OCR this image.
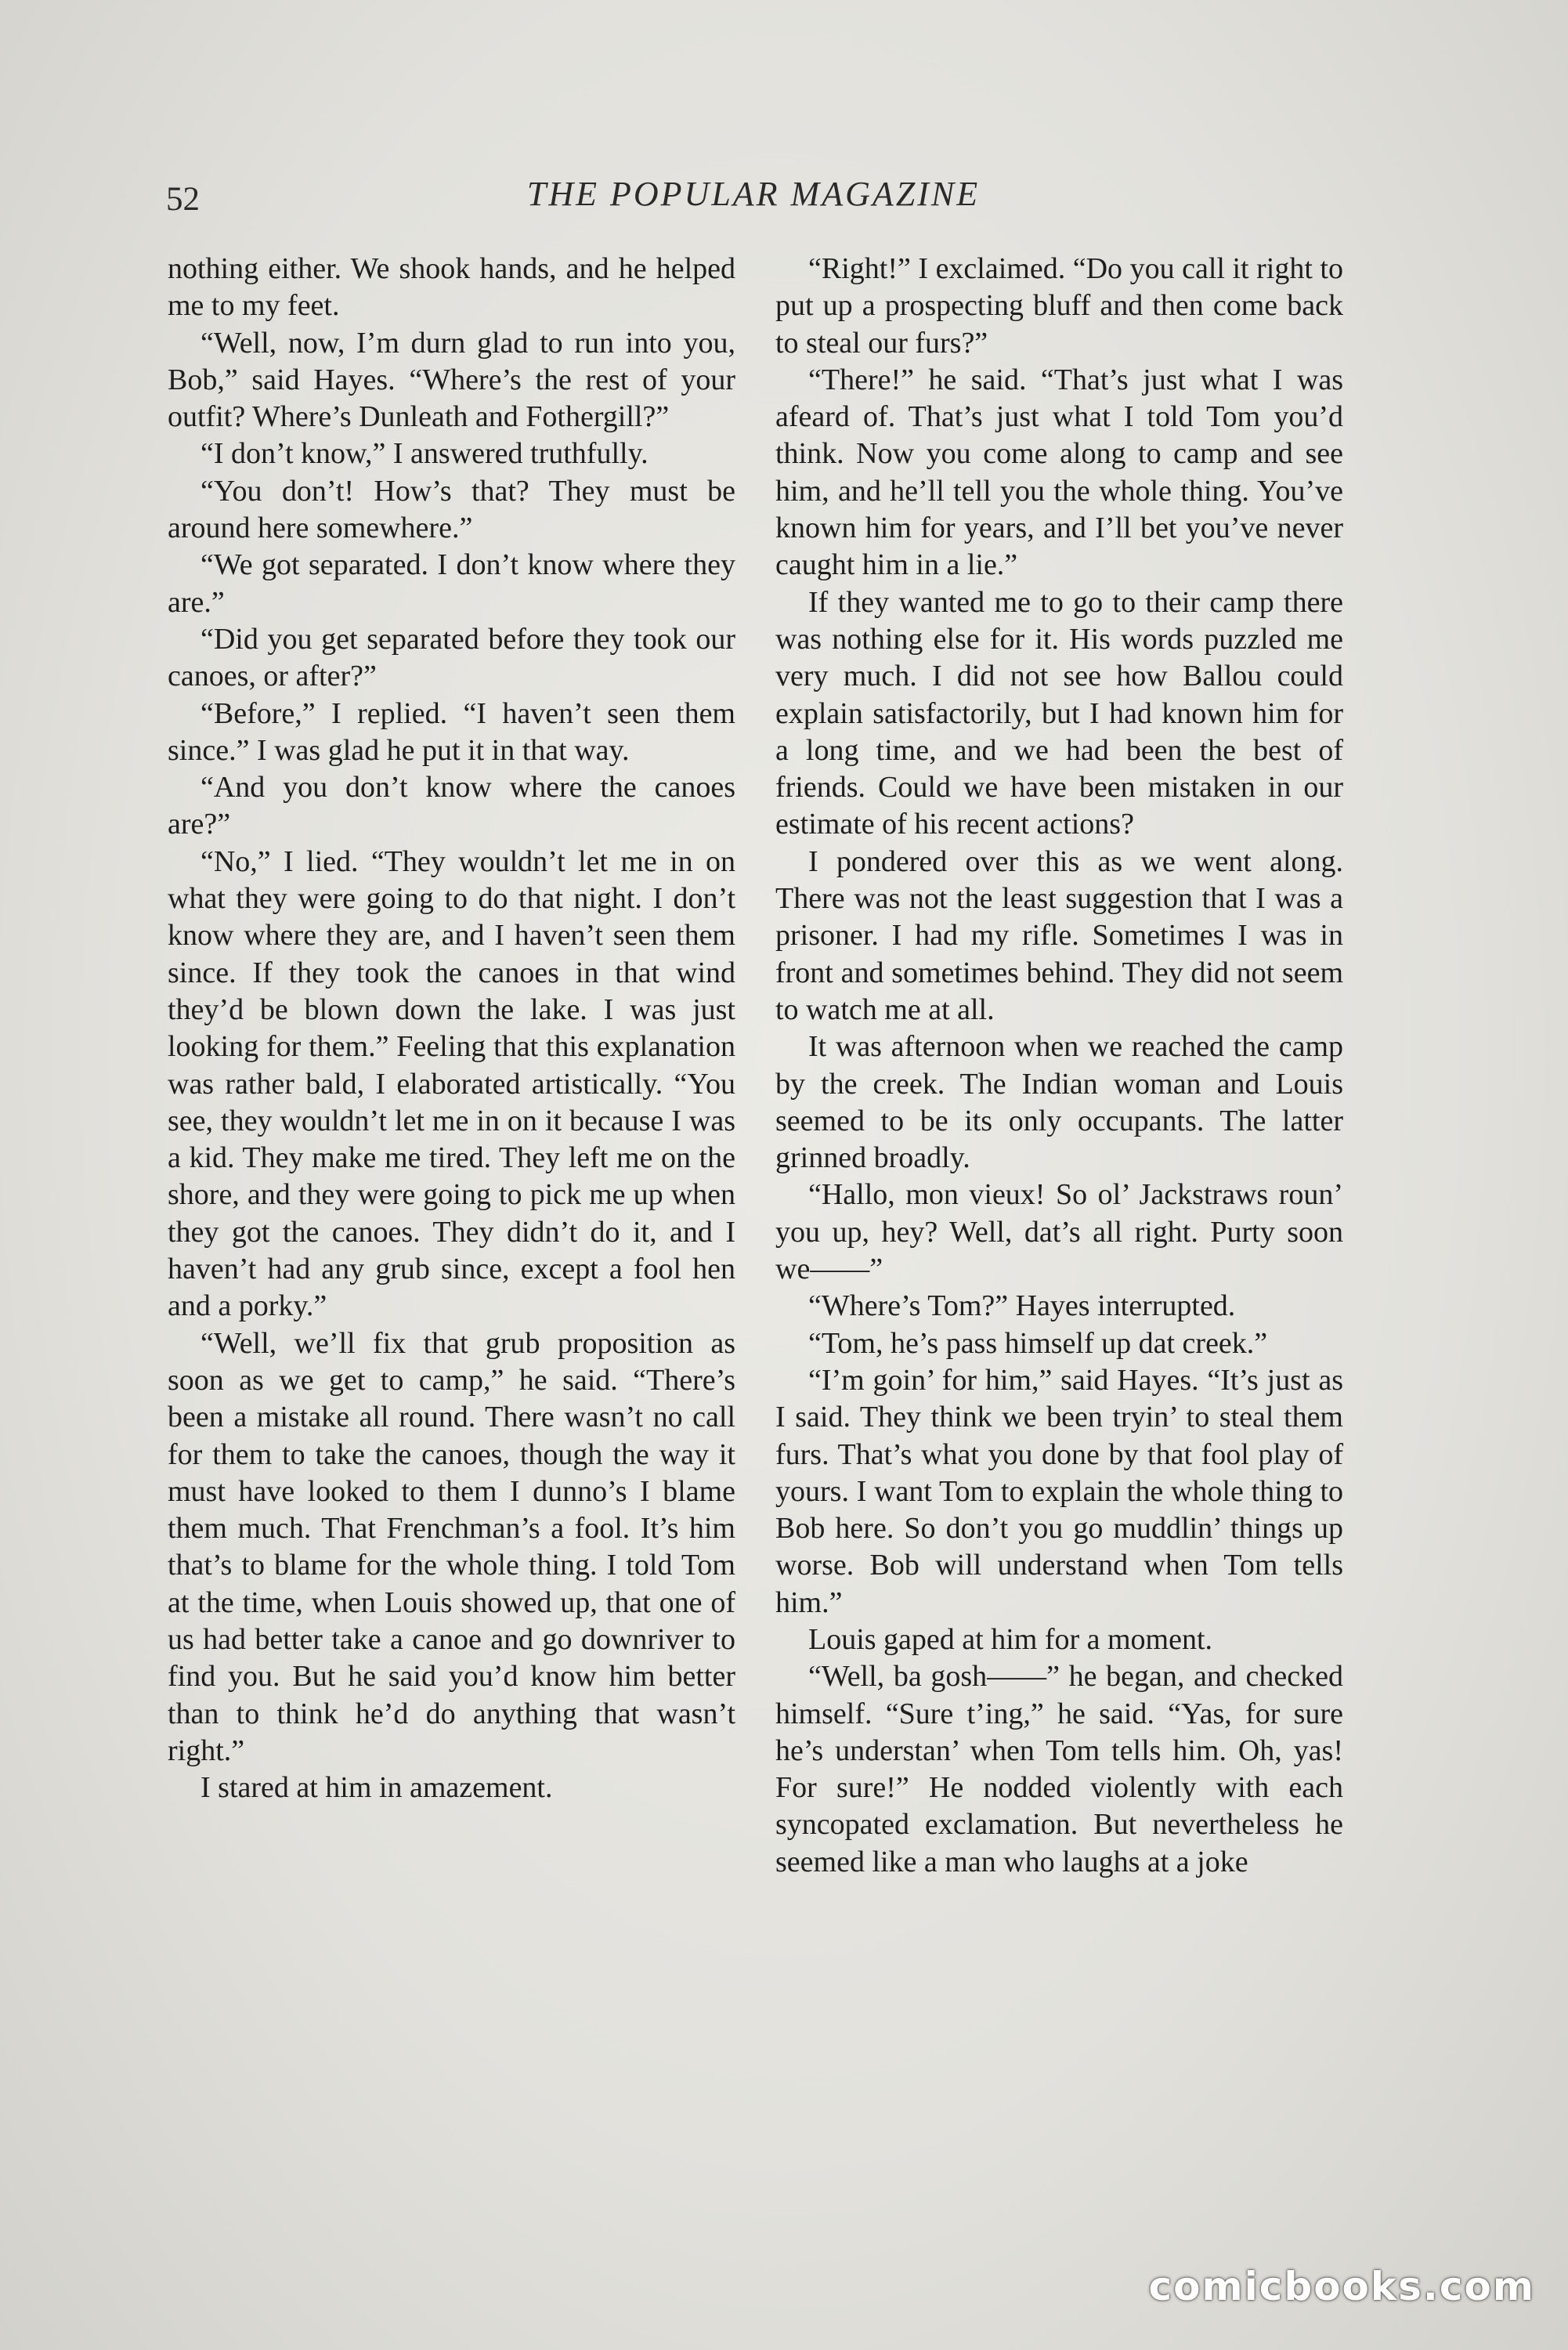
52	THE POPULAR MAGAZINE

nothing either. We shook hands, and he helped me to my feet.

“Well, now, I’m durn glad to run into you, Bob,” said Hayes. “Where’s the rest of your outfit? Where’s Dunleath and Fothergill?”

“I don’t know,” I answered truthfully.

“You don’t! How’s that? They must be around here somewhere.”

“We got separated. I don’t know where they are.”

“Did you get separated before they took our canoes, or after?”

“Before,” I replied. “I haven’t seen them since.” I was glad he put it in that way.

“And you don’t know where the canoes are?”

“No,” I lied. “They wouldn’t let me in on what they were going to do that night. I don’t know where they are, and I haven’t seen them since. If they took the canoes in that wind they’d be blown down the lake. I was just looking for them.” Feeling that this explanation was rather bald, I elaborated artistically. “You see, they wouldn’t let me in on it because I was a kid. They make me tired. They left me on the shore, and they were going to pick me up when they got the canoes. They didn’t do it, and I haven’t had any grub since, except a fool hen and a porky.”

“Well, we’ll fix that grub proposition as soon as we get to camp,” he said. “There’s been a mistake all round. There wasn’t no call for them to take the canoes, though the way it must have looked to them I dunno’s I blame them much. That Frenchman’s a fool. It’s him that’s to blame for the whole thing. I told Tom at the time, when Louis showed up, that one of us had better take a canoe and go downriver to find you. But he said you’d know him better than to think he’d do anything that wasn’t right.”

I stared at him in amazement.

“Right!” I exclaimed. “Do you call it right to put up a prospecting bluff and then come back to steal our furs?”

“There!” he said. “That’s just what I was afeard of. That’s just what I told Tom you’d think. Now you come along to camp and see him, and he’ll tell you the whole thing. You’ve known him for years, and I’ll bet you’ve never caught him in a lie.”

If they wanted me to go to their camp there was nothing else for it. His words puzzled me very much. I did not see how Ballou could explain satisfactorily, but I had known him for a long time, and we had been the best of friends. Could we have been mistaken in our estimate of his recent actions?

I pondered over this as we went along. There was not the least suggestion that I was a prisoner. I had my rifle. Sometimes I was in front and sometimes behind. They did not seem to watch me at all.

It was afternoon when we reached the camp by the creek. The Indian woman and Louis seemed to be its only occupants. The latter grinned broadly.

“Hallo, mon vieux! So ol’ Jackstraws roun’ you up, hey? Well, dat’s all right. Purty soon we——”

“Where’s Tom?” Hayes interrupted.

“Tom, he’s pass himself up dat creek.”

“I’m goin’ for him,” said Hayes. “It’s just as I said. They think we been tryin’ to steal them furs. That’s what you done by that fool play of yours. I want Tom to explain the whole thing to Bob here. So don’t you go muddlin’ things up worse. Bob will understand when Tom tells him.”

Louis gaped at him for a moment.

“Well, ba gosh——” he began, and checked himself. “Sure t’ing,” he said. “Yas, for sure he’s understan’ when Tom tells him. Oh, yas! For sure!” He nodded violently with each syncopated exclamation. But nevertheless he seemed like a man who laughs at a joke

comicbooks.com
